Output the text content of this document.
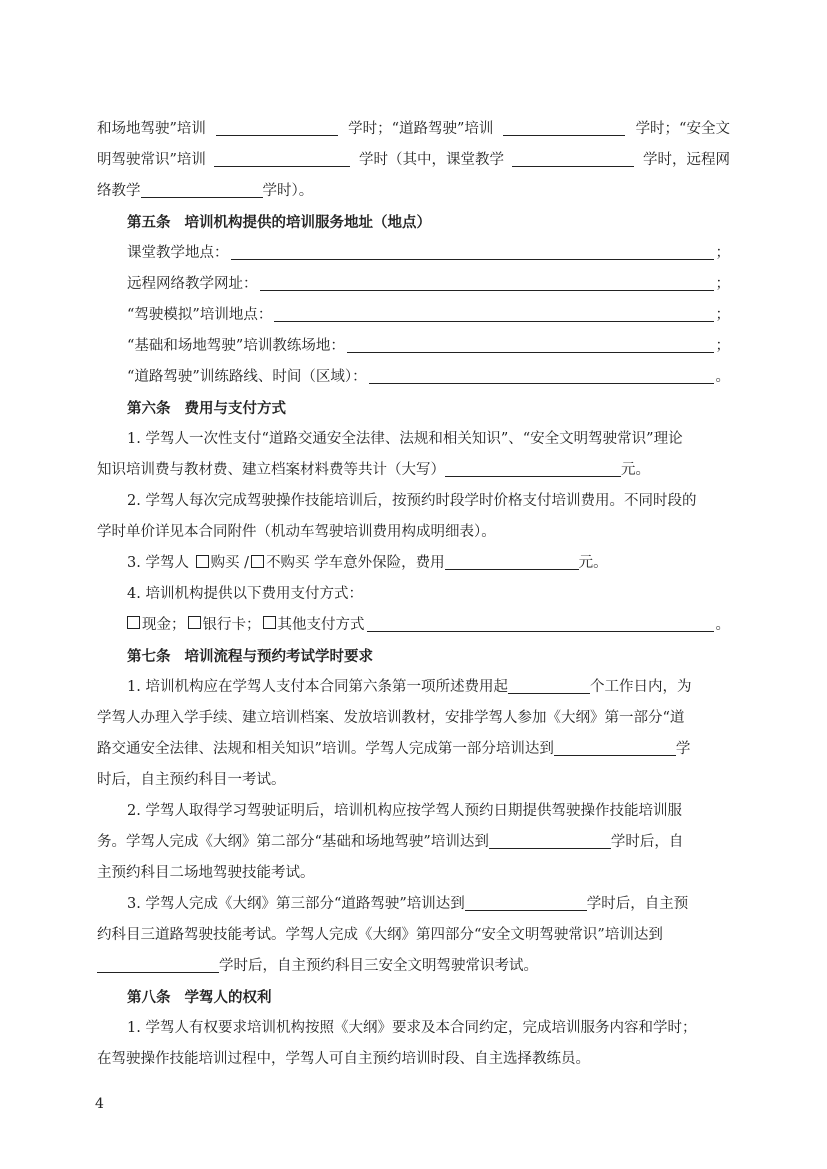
和场地驾驶”培训	学时；“道路驾驶”培训	学时；“安全文
明驾驶常识”培训	学时（其中，课堂教学	学时，远程网
络教学	学时）。
第五条 培训机构提供的培训服务地址（地点）
课堂教学地点：	；
远程网络教学网址：	；
“驾驶模拟”培训地点：	；
“基础和场地驾驶”培训教练场地：	；
“道路驾驶”训练路线、时间（区域）：	。
第六条 费用与支付方式
1. 学驾人一次性支付“道路交通安全法律、法规和相关知识”、“安全文明驾驶常识”理论
知识培训费与教材费、建立档案材料费等共计（大写）	元。
2. 学驾人每次完成驾驶操作技能培训后，按预约时段学时价格支付培训费用。不同时段的
学时单价详见本合同附件（机动车驾驶培训费用构成明细表）。
3. 学驾人 购买 / 不购买 学车意外保险，费用	元。
4. 培训机构提供以下费用支付方式：
现金； 银行卡； 其他支付方式	。
第七条 培训流程与预约考试学时要求
1. 培训机构应在学驾人支付本合同第六条第一项所述费用起	个工作日内，为
学驾人办理入学手续、建立培训档案、发放培训教材，安排学驾人参加《大纲》第一部分“道
路交通安全法律、法规和相关知识”培训。学驾人完成第一部分培训达到	学
时后，自主预约科目一考试。
2. 学驾人取得学习驾驶证明后，培训机构应按学驾人预约日期提供驾驶操作技能培训服
务。学驾人完成《大纲》第二部分“基础和场地驾驶”培训达到	学时后，自
主预约科目二场地驾驶技能考试。
3. 学驾人完成《大纲》第三部分“道路驾驶”培训达到	学时后，自主预
约科目三道路驾驶技能考试。学驾人完成《大纲》第四部分“安全文明驾驶常识”培训达到
学时后，自主预约科目三安全文明驾驶常识考试。
第八条 学驾人的权利
1. 学驾人有权要求培训机构按照《大纲》要求及本合同约定，完成培训服务内容和学时；
在驾驶操作技能培训过程中，学驾人可自主预约培训时段、自主选择教练员。
4
